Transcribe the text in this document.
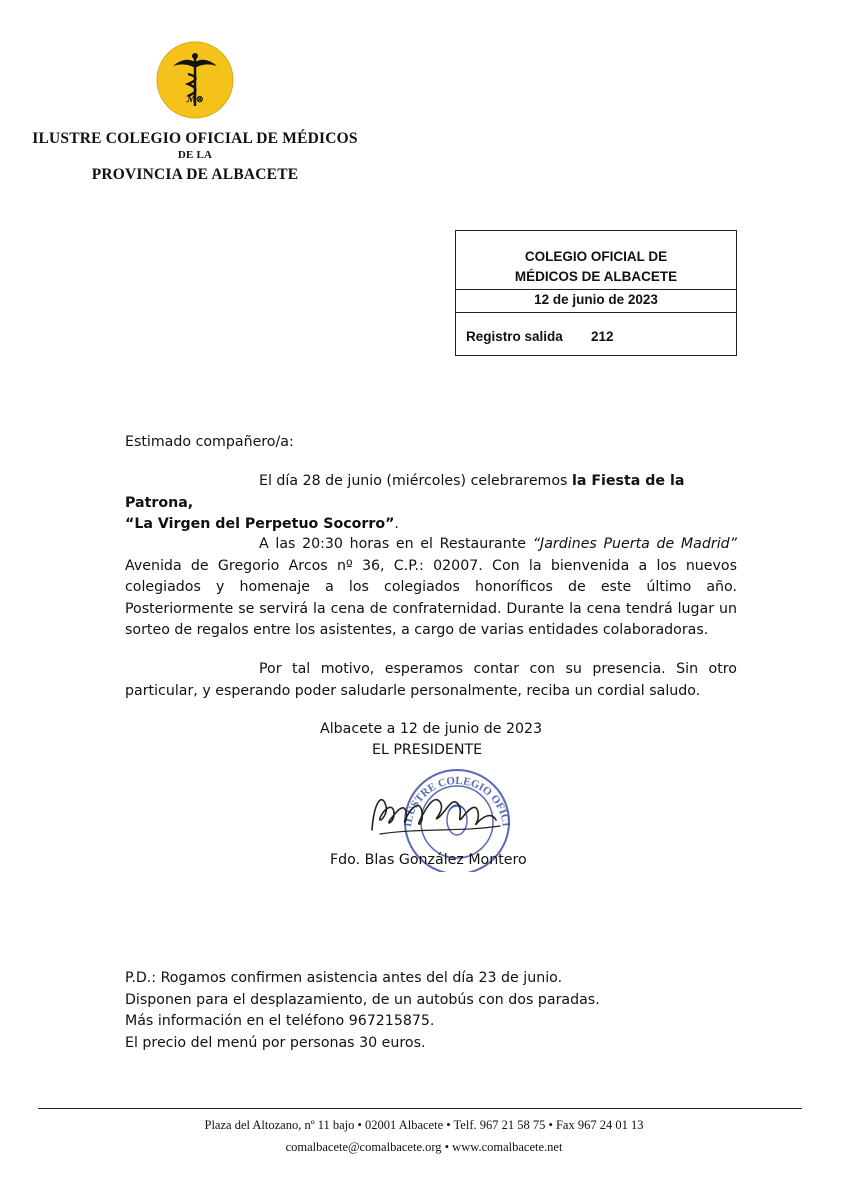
ℳ⊗
ILUSTRE COLEGIO OFICIAL DE MÉDICOS
DE LA
PROVINCIA DE ALBACETE
COLEGIO OFICIAL DE
MÉDICOS DE ALBACETE
12 de junio de 2023
Registro salida 212
Estimado compañero/a:
El día 28 de junio (miércoles) celebraremos la Fiesta de la Patrona,
“La Virgen del Perpetuo Socorro”.
A las 20:30 horas en el Restaurante “Jardines Puerta de Madrid” Avenida de Gregorio Arcos nº 36, C.P.: 02007. Con la bienvenida a los nuevos colegiados y homenaje a los colegiados honoríficos de este último año. Posteriormente se servirá la cena de confraternidad. Durante la cena tendrá lugar un sorteo de regalos entre los asistentes, a cargo de varias entidades colaboradoras.
Por tal motivo, esperamos contar con su presencia. Sin otro particular, y esperando poder saludarle personalmente, reciba un cordial saludo.
ILUSTRE COLEGIO OFICI
Albacete a 12 de junio de 2023
EL PRESIDENTE
Fdo. Blas González Montero
P.D.: Rogamos confirmen asistencia antes del día 23 de junio.
Disponen para el desplazamiento, de un autobús con dos paradas.
Más información en el teléfono 967215875.
El precio del menú por personas 30 euros.
Plaza del Altozano, nº 11 bajo • 02001 Albacete • Telf. 967 21 58 75 • Fax 967 24 01 13
comalbacete@comalbacete.org • www.comalbacete.net
